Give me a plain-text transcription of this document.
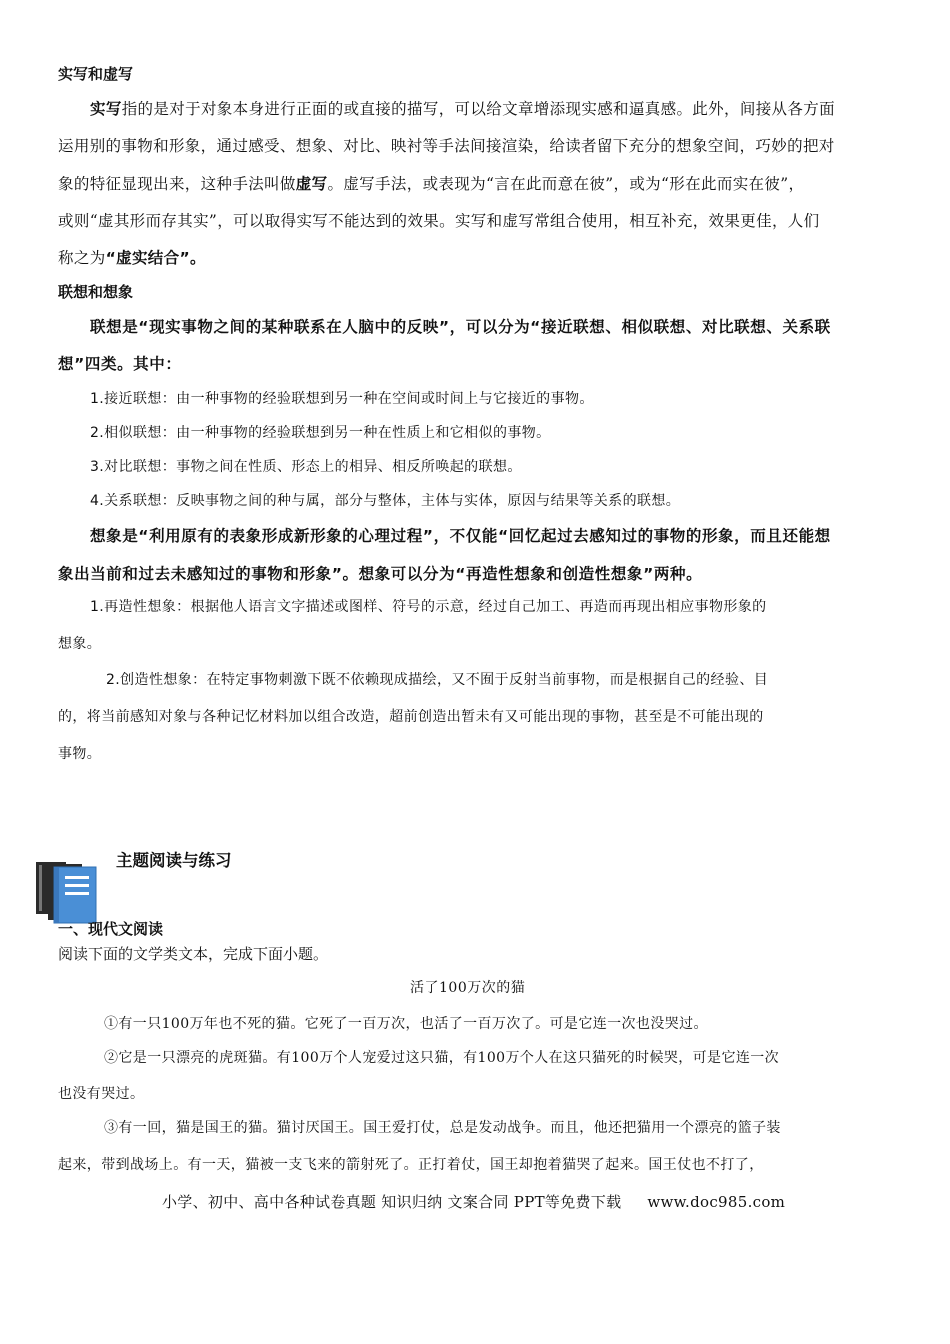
实写和虚写
实写指的是对于对象本身进行正面的或直接的描写，可以给文章增添现实感和逼真感。此外，间接从各方面
运用别的事物和形象，通过感受、想象、对比、映衬等手法间接渲染，给读者留下充分的想象空间，巧妙的把对
象的特征显现出来，这种手法叫做虚写。虚写手法，或表现为“言在此而意在彼”，或为“形在此而实在彼”，
或则“虚其形而存其实”，可以取得实写不能达到的效果。实写和虚写常组合使用，相互补充，效果更佳，人们
称之为“虚实结合”。
联想和想象
联想是“现实事物之间的某种联系在人脑中的反映”，可以分为“接近联想、相似联想、对比联想、关系联
想”四类。其中：
1.接近联想：由一种事物的经验联想到另一种在空间或时间上与它接近的事物。
2.相似联想：由一种事物的经验联想到另一种在性质上和它相似的事物。
3.对比联想：事物之间在性质、形态上的相异、相反所唤起的联想。
4.关系联想：反映事物之间的种与属，部分与整体，主体与实体，原因与结果等关系的联想。
想象是“利用原有的表象形成新形象的心理过程”，不仅能“回忆起过去感知过的事物的形象，而且还能想
象出当前和过去未感知过的事物和形象”。想象可以分为“再造性想象和创造性想象”两种。
1.再造性想象：根据他人语言文字描述或图样、符号的示意，经过自己加工、再造而再现出相应事物形象的
想象。
2.创造性想象：在特定事物刺激下既不依赖现成描绘，又不囿于反射当前事物，而是根据自己的经验、目
的，将当前感知对象与各种记忆材料加以组合改造，超前创造出暂未有又可能出现的事物，甚至是不可能出现的
事物。
主题阅读与练习
一、现代文阅读
阅读下面的文学类文本，完成下面小题。
活了100万次的猫
①有一只100万年也不死的猫。它死了一百万次，也活了一百万次了。可是它连一次也没哭过。
②它是一只漂亮的虎斑猫。有100万个人宠爱过这只猫，有100万个人在这只猫死的时候哭，可是它连一次
也没有哭过。
③有一回，猫是国王的猫。猫讨厌国王。国王爱打仗，总是发动战争。而且，他还把猫用一个漂亮的篮子装
起来，带到战场上。有一天，猫被一支飞来的箭射死了。正打着仗，国王却抱着猫哭了起来。国王仗也不打了，
小学、初中、高中各种试卷真题 知识归纳 文案合同 PPT等免费下载 www.doc985.com
